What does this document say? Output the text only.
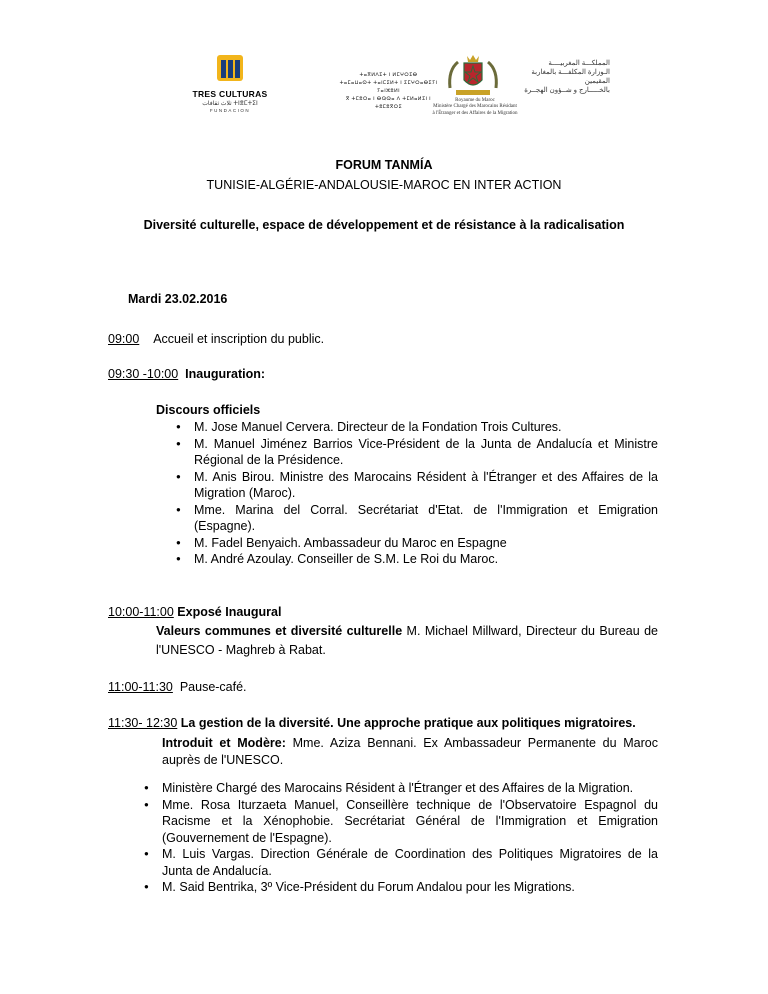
TRES CULTURAS
ثلاث ثقافات ⵜⵏⴻⵎⵜⵉⵏ
FUNDACION
ⵜⴰⴳⵍⴷⵉⵜ ⵏ ⵍⵎⵖⵔⵉⴱ
ⵜⴰⵎⴰⵡⴰⵙⵜ ⵜⴰⵏⵎⵉⵍⵜ ⵏ ⵉⵎⵖⵔⴰⴱⵉⵢⵏ ⵢⴰⵏⵣⵓⵍⵏ
ⴳ ⵜⵎⵓⵔⴰ ⵏ ⴱⵕⵕⴰ ⴷ ⵜⵎⵍⴰⵍⵉⵏ ⵏ ⵜⵓⵎⵓⴳⵔⵉ
المملكـــة المغربيــــة
الـوزارة المكلفـــة بالمغاربة المقيمين
بالخـــــارج و شــؤون الهجــرة
Royaume du Maroc
Ministère Chargé des Marocains Résidant
à l'Étranger et des Affaires de la Migration
FORUM TANMÍA
TUNISIE-ALGÉRIE-ANDALOUSIE-MAROC EN INTER ACTION
Diversité culturelle, espace de développement et de résistance à la radicalisation
Mardi 23.02.2016
09:00 Accueil et inscription du public.
09:30 -10:00 Inauguration:
Discours officiels
● M. Jose Manuel Cervera. Directeur de la Fondation Trois Cultures.
● M. Manuel Jiménez Barrios Vice-Président de la Junta de Andalucía et Ministre Régional de la Présidence.
● M. Anis Birou. Ministre des Marocains Résident à l'Étranger et des Affaires de la Migration (Maroc).
● Mme. Marina del Corral. Secrétariat d'Etat. de l'Immigration et Emigration (Espagne).
● M. Fadel Benyaich. Ambassadeur du Maroc en Espagne
● M. André Azoulay. Conseiller de S.M. Le Roi du Maroc.
10:00-11:00 Exposé Inaugural
Valeurs communes et diversité culturelle M. Michael Millward, Directeur du Bureau de l'UNESCO - Maghreb à Rabat.
11:00-11:30 Pause-café.
11:30- 12:30 La gestion de la diversité. Une approche pratique aux politiques migratoires.
Introduit et Modère: Mme. Aziza Bennani. Ex Ambassadeur Permanente du Maroc auprès de l'UNESCO.
● Ministère Chargé des Marocains Résident à l'Étranger et des Affaires de la Migration.
● Mme. Rosa Iturzaeta Manuel, Conseillère technique de l'Observatoire Espagnol du Racisme et la Xénophobie. Secrétariat Général de l'Immigration et Emigration (Gouvernement de l'Espagne).
● M. Luis Vargas. Direction Générale de Coordination des Politiques Migratoires de la Junta de Andalucía.
● M. Said Bentrika, 3º Vice-Président du Forum Andalou pour les Migrations.
